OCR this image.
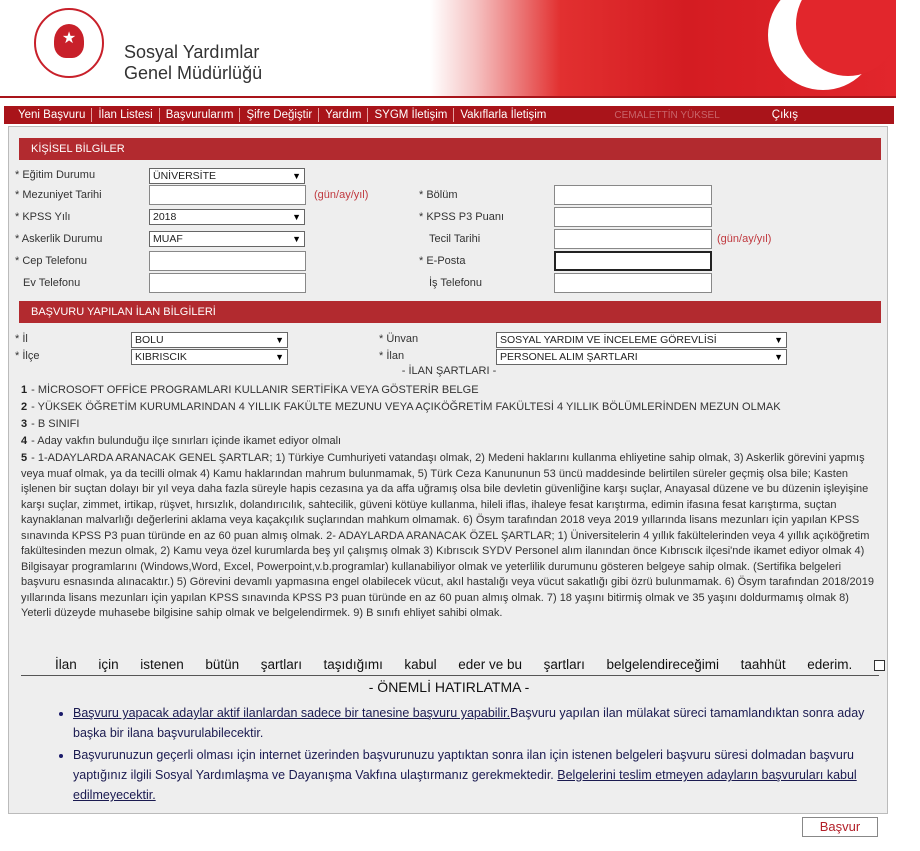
★
Sosyal Yardımlar
Genel Müdürlüğü
Yeni Başvuru	İlan Listesi	Başvurularım	Şifre Değiştir	Yardım	SYGM İletişim	Vakıflarla İletişim	CEMALETTİN YÜKSEL	Çıkış
KİŞİSEL BİLGİLER
* Eğitim Durumu	ÜNİVERSİTE	▼
* Mezuniyet Tarihi	(gün/ay/yıl)	* Bölüm
* KPSS Yılı	2018	▼	* KPSS P3 Puanı
* Askerlik Durumu	MUAF	▼	Tecil Tarihi	(gün/ay/yıl)
* Cep Telefonu	* E-Posta
Ev Telefonu	İş Telefonu
BAŞVURU YAPILAN İLAN BİLGİLERİ
* İl	BOLU	▼	* Ünvan	SOSYAL YARDIM VE İNCELEME GÖREVLİSİ	▼
* İlçe	KIBRISCIK	▼	* İlan	PERSONEL ALIM ŞARTLARI	▼
- İLAN ŞARTLARI -
1 - MİCROSOFT OFFİCE PROGRAMLARI KULLANIR SERTİFİKA VEYA GÖSTERİR BELGE
2 - YÜKSEK ÖĞRETİM KURUMLARINDAN 4 YILLIK FAKÜLTE MEZUNU VEYA AÇIKÖĞRETİM FAKÜLTESİ 4 YILLIK BÖLÜMLERİNDEN MEZUN OLMAK
3 - B SINIFI
4 - Aday vakfın bulunduğu ilçe sınırları içinde ikamet ediyor olmalı
5 - 1-ADAYLARDA ARANACAK GENEL ŞARTLAR; 1) Türkiye Cumhuriyeti vatandaşı olmak, 2) Medeni haklarını kullanma ehliyetine sahip olmak, 3) Askerlik görevini yapmış veya muaf olmak, ya da tecilli olmak 4) Kamu haklarından mahrum bulunmamak, 5) Türk Ceza Kanununun 53 üncü maddesinde belirtilen süreler geçmiş olsa bile; Kasten işlenen bir suçtan dolayı bir yıl veya daha fazla süreyle hapis cezasına ya da affa uğramış olsa bile devletin güvenliğine karşı suçlar, Anayasal düzene ve bu düzenin işleyişine karşı suçlar, zimmet, irtikap, rüşvet, hırsızlık, dolandırıcılık, sahtecilik, güveni kötüye kullanma, hileli iflas, ihaleye fesat karıştırma, edimin ifasına fesat karıştırma, suçtan kaynaklanan malvarlığı değerlerini aklama veya kaçakçılık suçlarından mahkum olmamak. 6) Ösym tarafından 2018 veya 2019 yıllarında lisans mezunları için yapılan KPSS sınavında KPSS P3 puan türünde en az 60 puan almış olmak. 2- ADAYLARDA ARANACAK ÖZEL ŞARTLAR; 1) Üniversitelerin 4 yıllık fakültelerinden veya 4 yıllık açıköğretim fakültesinden mezun olmak, 2) Kamu veya özel kurumlarda beş yıl çalışmış olmak 3) Kıbrıscık SYDV Personel alım ilanından önce Kıbrıscık ilçesi'nde ikamet ediyor olmak 4) Bilgisayar programlarını (Windows,Word, Excel, Powerpoint,v.b.programlar) kullanabiliyor olmak ve yeterlilik durumunu gösteren belgeye sahip olmak. (Sertifika belgeleri başvuru esnasında alınacaktır.) 5) Görevini devamlı yapmasına engel olabilecek vücut, akıl hastalığı veya vücut sakatlığı gibi özrü bulunmamak. 6) Ösym tarafından 2018/2019 yıllarında lisans mezunları için yapılan KPSS sınavında KPSS P3 puan türünde en az 60 puan almış olmak. 7) 18 yaşını bitirmiş olmak ve 35 yaşını doldurmamış olmak 8) Yeterli düzeyde muhasebe bilgisine sahip olmak ve belgelendirmek. 9) B sınıfı ehliyet sahibi olmak.
İlan için istenen bütün şartları taşıdığımı kabul eder ve bu şartları belgelendireceğimi taahhüt ederim.
- ÖNEMLİ HATIRLATMA -
• Başvuru yapacak adaylar aktif ilanlardan sadece bir tanesine başvuru yapabilir.Başvuru yapılan ilan mülakat süreci tamamlandıktan sonra aday başka bir ilana başvurulabilecektir.
• Başvurunuzun geçerli olması için internet üzerinden başvurunuzu yaptıktan sonra ilan için istenen belgeleri başvuru süresi dolmadan başvuru yaptığınız ilgili Sosyal Yardımlaşma ve Dayanışma Vakfına ulaştırmanız gerekmektedir. Belgelerini teslim etmeyen adayların başvuruları kabul edilmeyecektir.
Başvur
